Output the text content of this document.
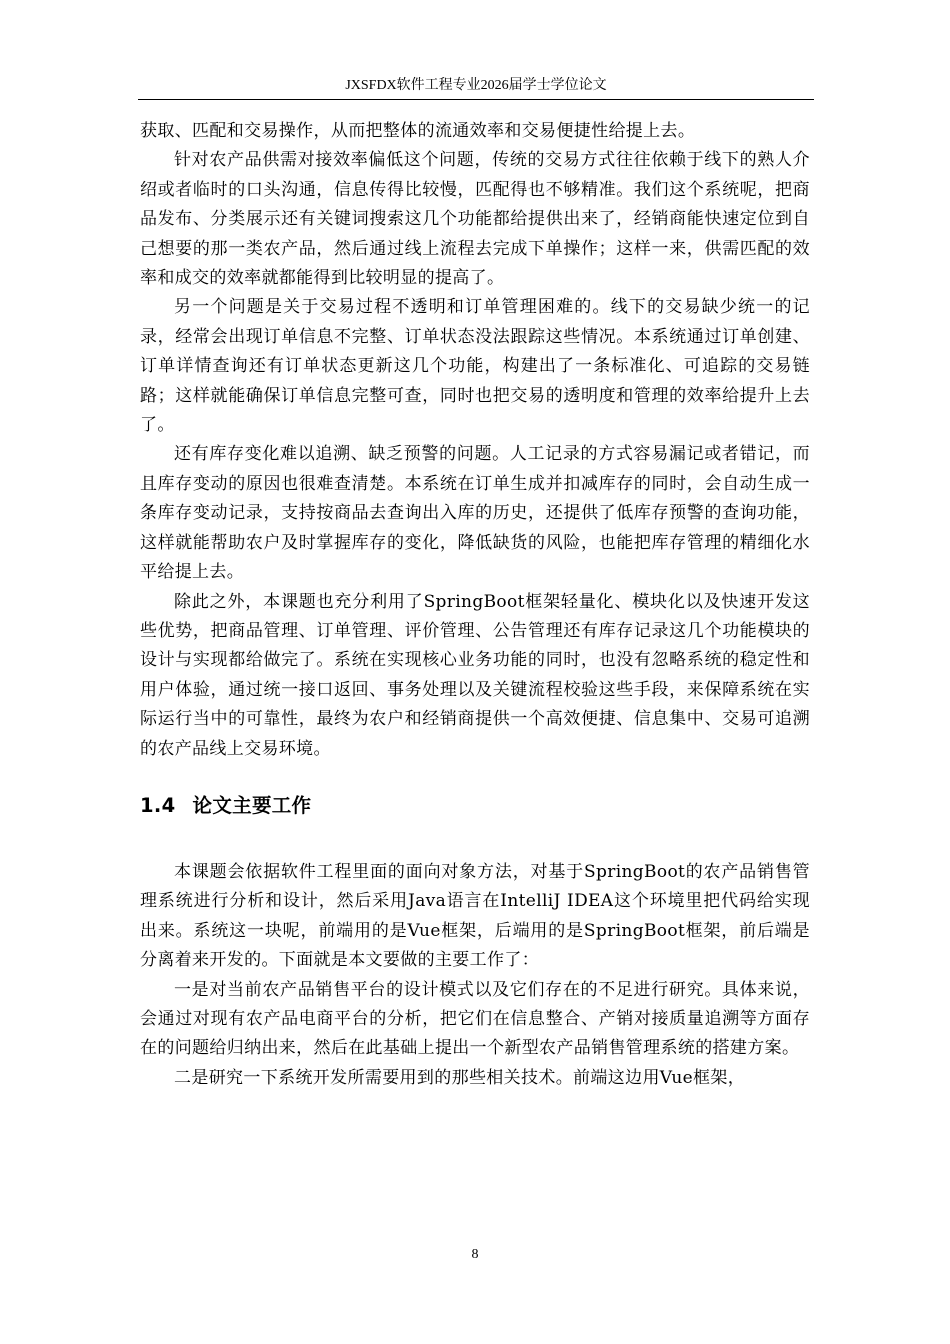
JXSFDX软件工程专业2026届学士学位论文

获取、匹配和交易操作，从而把整体的流通效率和交易便捷性给提上去。

针对农产品供需对接效率偏低这个问题，传统的交易方式往往依赖于线下的熟人介绍或者临时的口头沟通，信息传得比较慢，匹配得也不够精准。我们这个系统呢，把商品发布、分类展示还有关键词搜索这几个功能都给提供出来了，经销商能快速定位到自己想要的那一类农产品，然后通过线上流程去完成下单操作；这样一来，供需匹配的效率和成交的效率就都能得到比较明显的提高了。

另一个问题是关于交易过程不透明和订单管理困难的。线下的交易缺少统一的记录，经常会出现订单信息不完整、订单状态没法跟踪这些情况。本系统通过订单创建、订单详情查询还有订单状态更新这几个功能，构建出了一条标准化、可追踪的交易链路；这样就能确保订单信息完整可查，同时也把交易的透明度和管理的效率给提升上去了。

还有库存变化难以追溯、缺乏预警的问题。人工记录的方式容易漏记或者错记，而且库存变动的原因也很难查清楚。本系统在订单生成并扣减库存的同时，会自动生成一条库存变动记录，支持按商品去查询出入库的历史，还提供了低库存预警的查询功能，这样就能帮助农户及时掌握库存的变化，降低缺货的风险，也能把库存管理的精细化水平给提上去。

除此之外，本课题也充分利用了SpringBoot框架轻量化、模块化以及快速开发这些优势，把商品管理、订单管理、评价管理、公告管理还有库存记录这几个功能模块的设计与实现都给做完了。系统在实现核心业务功能的同时，也没有忽略系统的稳定性和用户体验，通过统一接口返回、事务处理以及关键流程校验这些手段，来保障系统在实际运行当中的可靠性，最终为农户和经销商提供一个高效便捷、信息集中、交易可追溯的农产品线上交易环境。

1.4 论文主要工作

本课题会依据软件工程里面的面向对象方法，对基于SpringBoot的农产品销售管理系统进行分析和设计，然后采用Java语言在IntelliJ IDEA这个环境里把代码给实现出来。系统这一块呢，前端用的是Vue框架，后端用的是SpringBoot框架，前后端是分离着来开发的。下面就是本文要做的主要工作了：

一是对当前农产品销售平台的设计模式以及它们存在的不足进行研究。具体来说，会通过对现有农产品电商平台的分析，把它们在信息整合、产销对接质量追溯等方面存在的问题给归纳出来，然后在此基础上提出一个新型农产品销售管理系统的搭建方案。

二是研究一下系统开发所需要用到的那些相关技术。前端这边用Vue框架，

8
